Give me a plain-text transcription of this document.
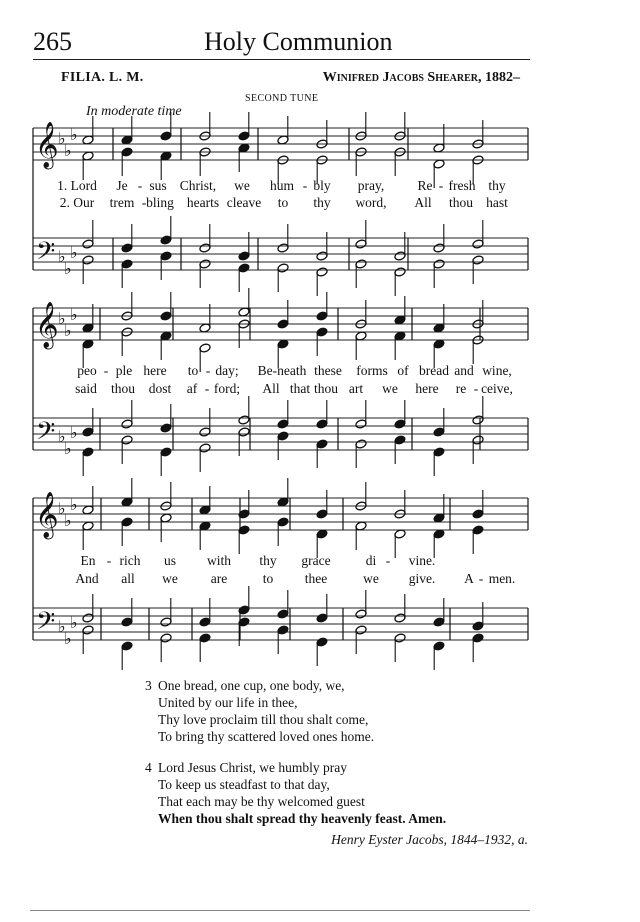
265	Holy Communion
FILIA. L. M.	Winifred Jacobs Shearer, 1882–
SECOND TUNE
In moderate time
𝄞
𝄢
♭
♭
♭
♭
♭
♭
𝄞
𝄢
♭
♭
♭
♭
♭
♭
𝄞
𝄢
♭
♭
♭
♭
♭
♭
1. Lord Je - sus Christ, we hum - bly pray, Re - fresh thy
2. Our trem - bling hearts cleave to thy word, All thou hast
peo - ple here to - day; Be-neath these forms of bread and wine,
said thou dost af - ford; All that thou art we here re - ceive,
En - rich us with thy grace	di - vine.
And all we are	to thee	we give. A - men.
3 One bread, one cup, one body, we,
United by our life in thee,
Thy love proclaim till thou shalt come,
To bring thy scattered loved ones home.
4 Lord Jesus Christ, we humbly pray
To keep us steadfast to that day,
That each may be thy welcomed guest
When thou shalt spread thy heavenly feast. Amen.
Henry Eyster Jacobs, 1844–1932, a.
